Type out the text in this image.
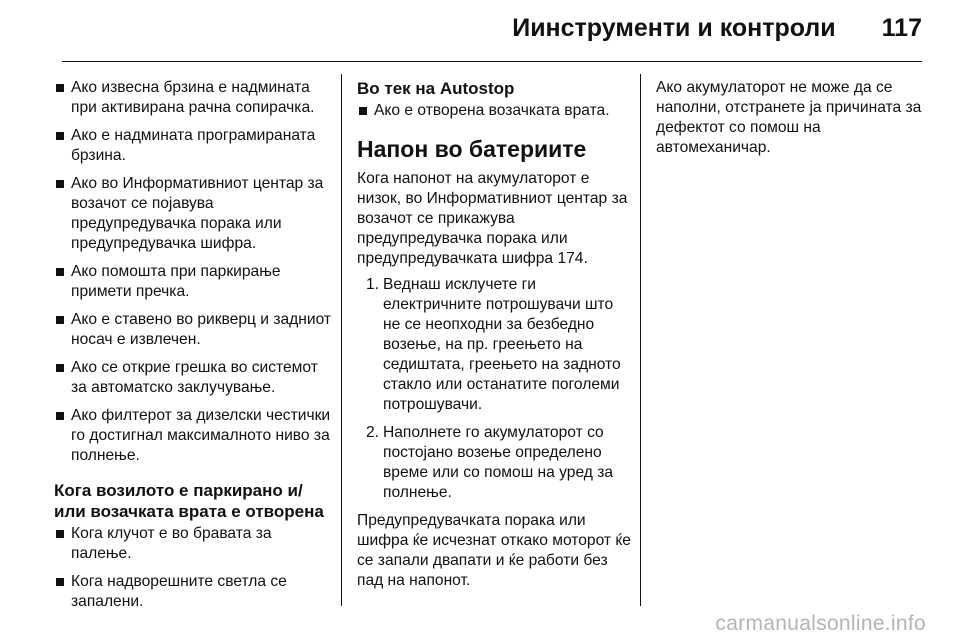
Иинструменти и контроли 117
Ако извесна брзина е надмината при активирана рачна сопирачка.
Ако е надмината програмираната брзина.
Ако во Информативниот центар за возачот се појавува предупредувачка порака или предупредувачка шифра.
Ако помошта при паркирање примети пречка.
Ако е ставено во рикверц и задниот носач е извлечен.
Ако се открие грешка во системот за автоматско заклучување.
Ако филтерот за дизелски честички го достигнал максималното ниво за полнење.
Кога возилото е паркирано и/или возачката врата е отворена
Кога клучот е во бравата за палење.
Кога надворешните светла се запалени.
Во тек на Autostop
Ако е отворена возачката врата.
Напон во батериите

Кога напонот на акумулаторот е низок, во Информативниот центар за возачот се прикажува предупредувачка порака или предупредувачката шифра 174.

1. Веднаш исклучете ги електричните потрошувачи што не се неопходни за безбедно возење, на пр. греењето на седиштата, греењето на задното стакло или останатите поголеми потрошувачи.
2. Наполнете го акумулаторот со постојано возење определено време или со помош на уред за полнење.

Предупредувачката порака или шифра ќе исчезнат откако моторот ќе се запали двапати и ќе работи без пад на напонот.

Ако акумулаторот не може да се наполни, отстранете ја причината за дефектот со помош на автомеханичар.

carmanualsonline.info
